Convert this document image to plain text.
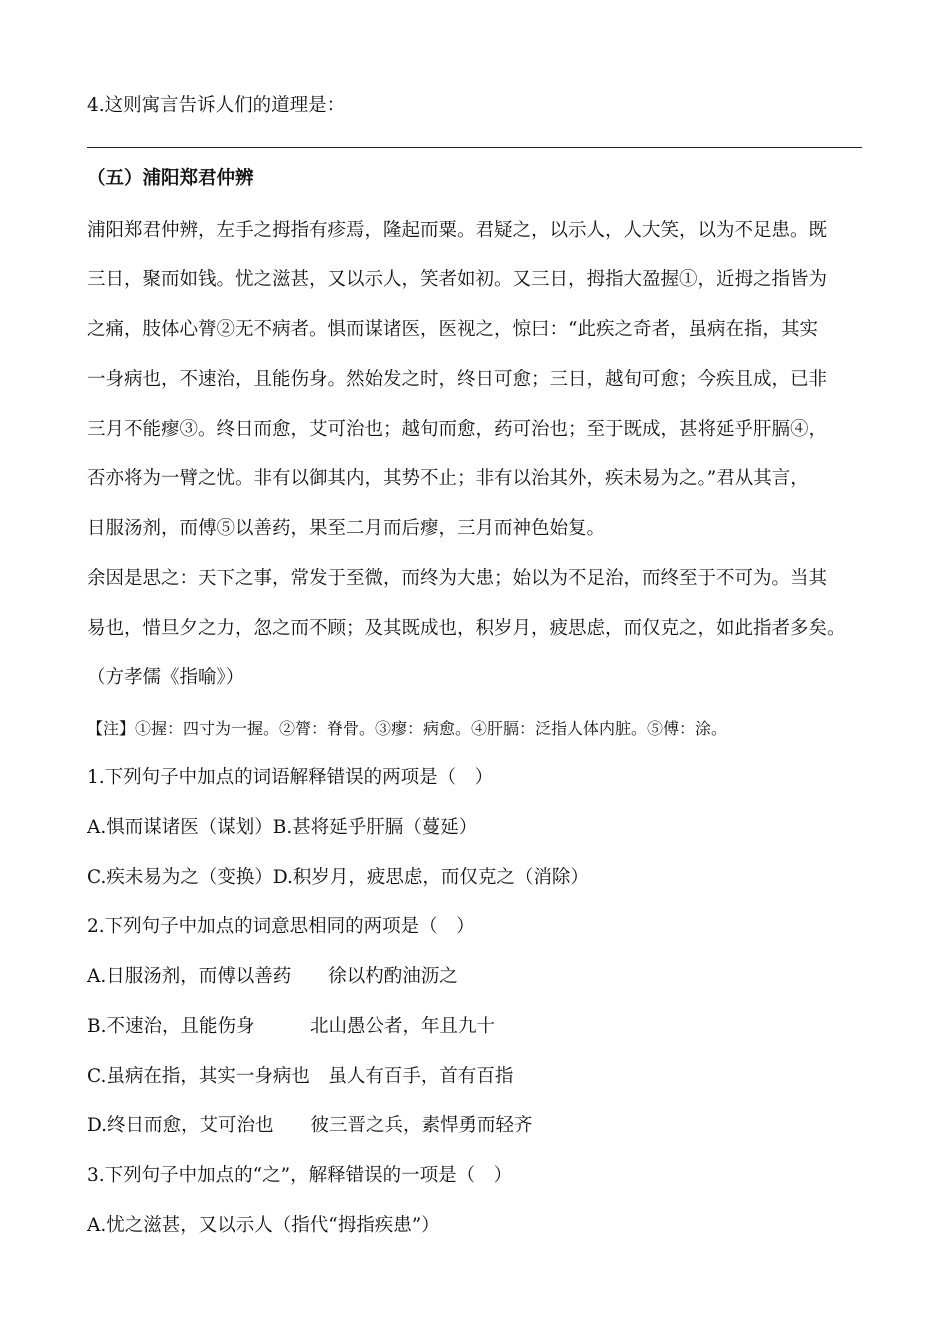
4.这则寓言告诉人们的道理是：
（五）浦阳郑君仲辨
浦阳郑君仲辨，左手之拇指有疹焉，隆起而粟。君疑之，以示人，人大笑，以为不足患。既
三日，聚而如钱。忧之滋甚，又以示人，笑者如初。又三日，拇指大盈握①，近拇之指皆为
之痛，肢体心膂②无不病者。惧而谋诸医，医视之，惊曰：“此疾之奇者，虽病在指，其实
一身病也，不速治，且能伤身。然始发之时，终日可愈；三日，越旬可愈；今疾且成，已非
三月不能瘳③。终日而愈，艾可治也；越旬而愈，药可治也；至于既成，甚将延乎肝膈④，
否亦将为一臂之忧。非有以御其内，其势不止；非有以治其外，疾未易为之。”君从其言，
日服汤剂，而傅⑤以善药，果至二月而后瘳，三月而神色始复。
余因是思之：天下之事，常发于至微，而终为大患；始以为不足治，而终至于不可为。当其
易也，惜旦夕之力，忽之而不顾；及其既成也，积岁月，疲思虑，而仅克之，如此指者多矣。
（方孝儒《指喻》）
【注】①握：四寸为一握。②膂：脊骨。③瘳：病愈。④肝膈：泛指人体内脏。⑤傅：涂。
1.下列句子中加点的词语解释错误的两项是（　）
A.惧而谋诸医（谋划）B.甚将延乎肝膈（蔓延）
C.疾未易为之（变换）D.积岁月，疲思虑，而仅克之（消除）
2.下列句子中加点的词意思相同的两项是（　）
A.日服汤剂，而傅以善药　　徐以杓酌油沥之
B.不速治，且能伤身　　　北山愚公者，年且九十
C.虽病在指，其实一身病也　虽人有百手，首有百指
D.终日而愈，艾可治也　　彼三晋之兵，素悍勇而轻齐
3.下列句子中加点的“之”，解释错误的一项是（　）
A.忧之滋甚，又以示人（指代“拇指疾患”）
